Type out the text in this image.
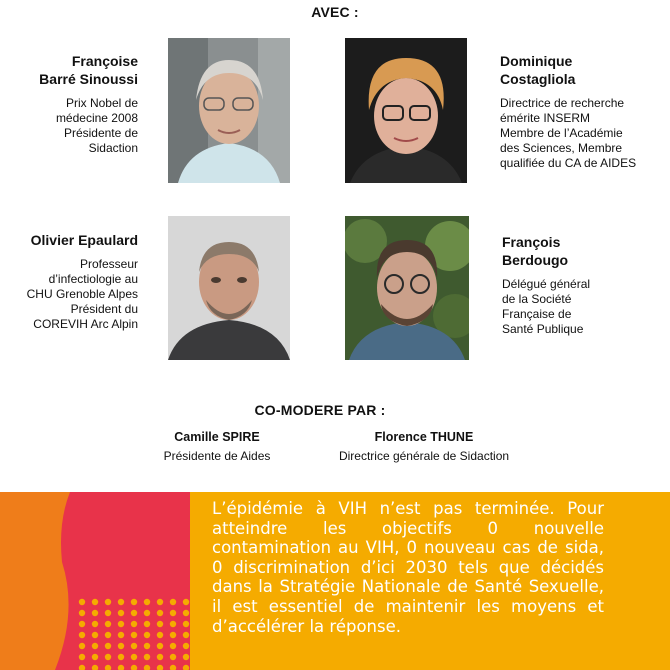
AVEC :
Françoise
Barré Sinoussi
Prix Nobel de
médecine 2008
Présidente de
Sidaction
Dominique
Costagliola
Directrice de recherche
émérite INSERM
Membre de l’Académie
des Sciences, Membre
qualifiée du CA de AIDES
Olivier Epaulard
Professeur
d’infectiologie au
CHU Grenoble Alpes
Président du
COREVIH Arc Alpin
François
Berdougo
Délégué général
de la Société
Française de
Santé Publique
CO-MODERE PAR :
Camille SPIRE
Présidente de Aides
Florence THUNE
Directrice générale de Sidaction
L’épidémie à VIH n’est pas terminée. Pour atteindre les objectifs 0 nouvelle contamination au VIH, 0 nouveau cas de sida, 0 discrimination d’ici 2030 tels que décidés dans la Stratégie Nationale de Santé Sexuelle, il est essentiel de maintenir les moyens et d’accélérer la réponse.
